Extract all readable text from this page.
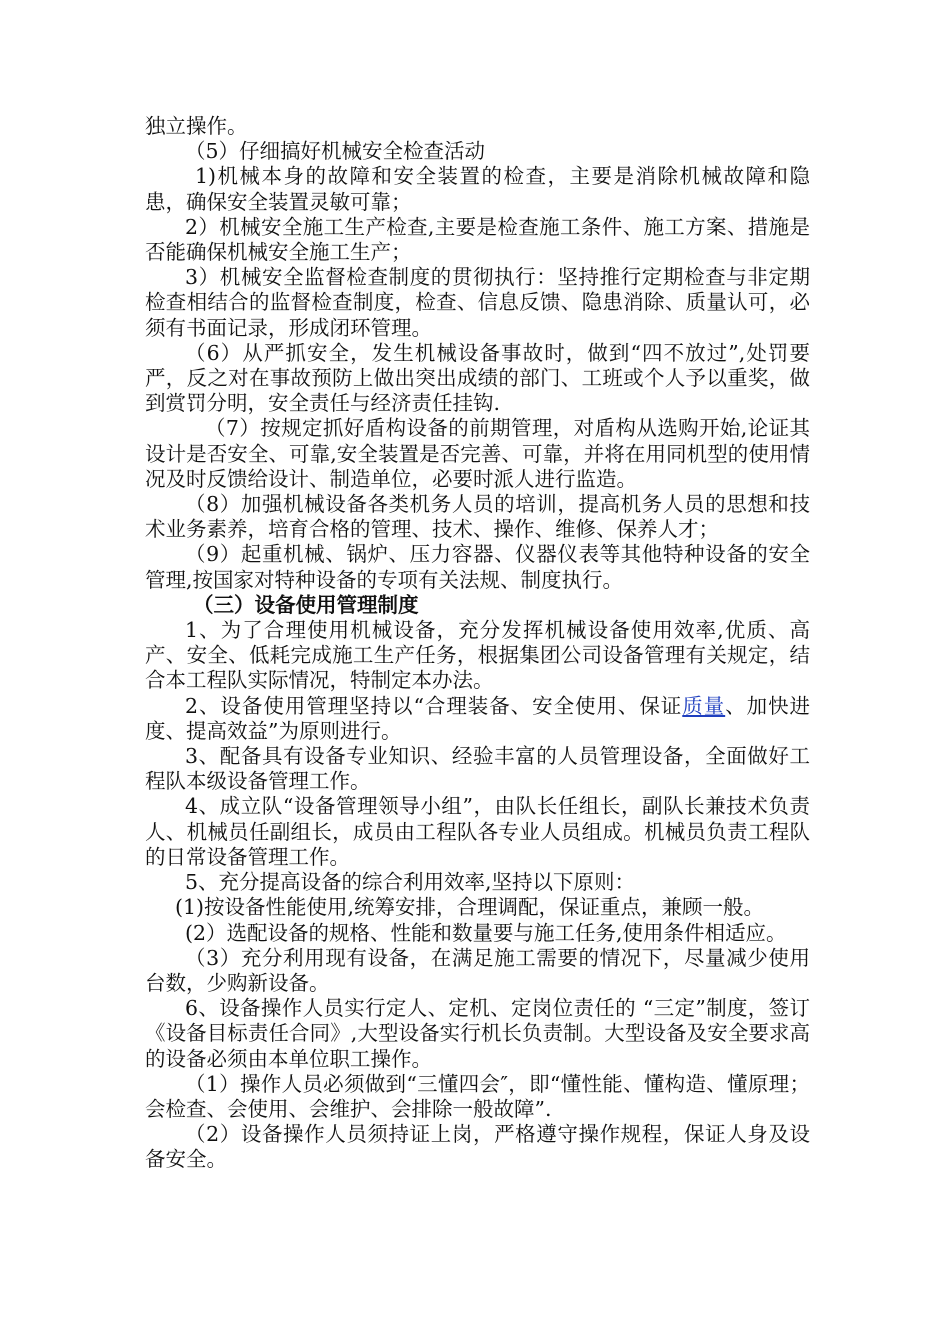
独立操作。

（5）仔细搞好机械安全检查活动

1)机械本身的故障和安全装置的检查，主要是消除机械故障和隐患，确保安全装置灵敏可靠；

2）机械安全施工生产检查,主要是检查施工条件、施工方案、措施是否能确保机械安全施工生产；

3）机械安全监督检查制度的贯彻执行：坚持推行定期检查与非定期检查相结合的监督检查制度，检查、信息反馈、隐患消除、质量认可，必须有书面记录，形成闭环管理。

（6）从严抓安全，发生机械设备事故时，做到“四不放过”,处罚要严，反之对在事故预防上做出突出成绩的部门、工班或个人予以重奖，做到赏罚分明，安全责任与经济责任挂钩.

（7）按规定抓好盾构设备的前期管理，对盾构从选购开始,论证其设计是否安全、可靠,安全装置是否完善、可靠，并将在用同机型的使用情况及时反馈给设计、制造单位，必要时派人进行监造。

（8）加强机械设备各类机务人员的培训，提高机务人员的思想和技术业务素养，培育合格的管理、技术、操作、维修、保养人才；

（9）起重机械、锅炉、压力容器、仪器仪表等其他特种设备的安全管理,按国家对特种设备的专项有关法规、制度执行。

（三）设备使用管理制度

1、为了合理使用机械设备，充分发挥机械设备使用效率,优质、高产、安全、低耗完成施工生产任务，根据集团公司设备管理有关规定，结合本工程队实际情况，特制定本办法。

2、设备使用管理坚持以“合理装备、安全使用、保证质量、加快进度、提高效益”为原则进行。

3、配备具有设备专业知识、经验丰富的人员管理设备，全面做好工程队本级设备管理工作。

4、成立队“设备管理领导小组”，由队长任组长，副队长兼技术负责人、机械员任副组长，成员由工程队各专业人员组成。机械员负责工程队的日常设备管理工作。

5、充分提高设备的综合利用效率,坚持以下原则：

(1)按设备性能使用,统筹安排，合理调配，保证重点，兼顾一般。

(2）选配设备的规格、性能和数量要与施工任务,使用条件相适应。

（3）充分利用现有设备，在满足施工需要的情况下，尽量减少使用台数，少购新设备。

6、设备操作人员实行定人、定机、定岗位责任的 “三定”制度，签订《设备目标责任合同》,大型设备实行机长负责制。大型设备及安全要求高的设备必须由本单位职工操作。

（1）操作人员必须做到“三懂四会″，即“懂性能、懂构造、懂原理；会检查、会使用、会维护、会排除一般故障”.

（2）设备操作人员须持证上岗，严格遵守操作规程，保证人身及设备安全。
